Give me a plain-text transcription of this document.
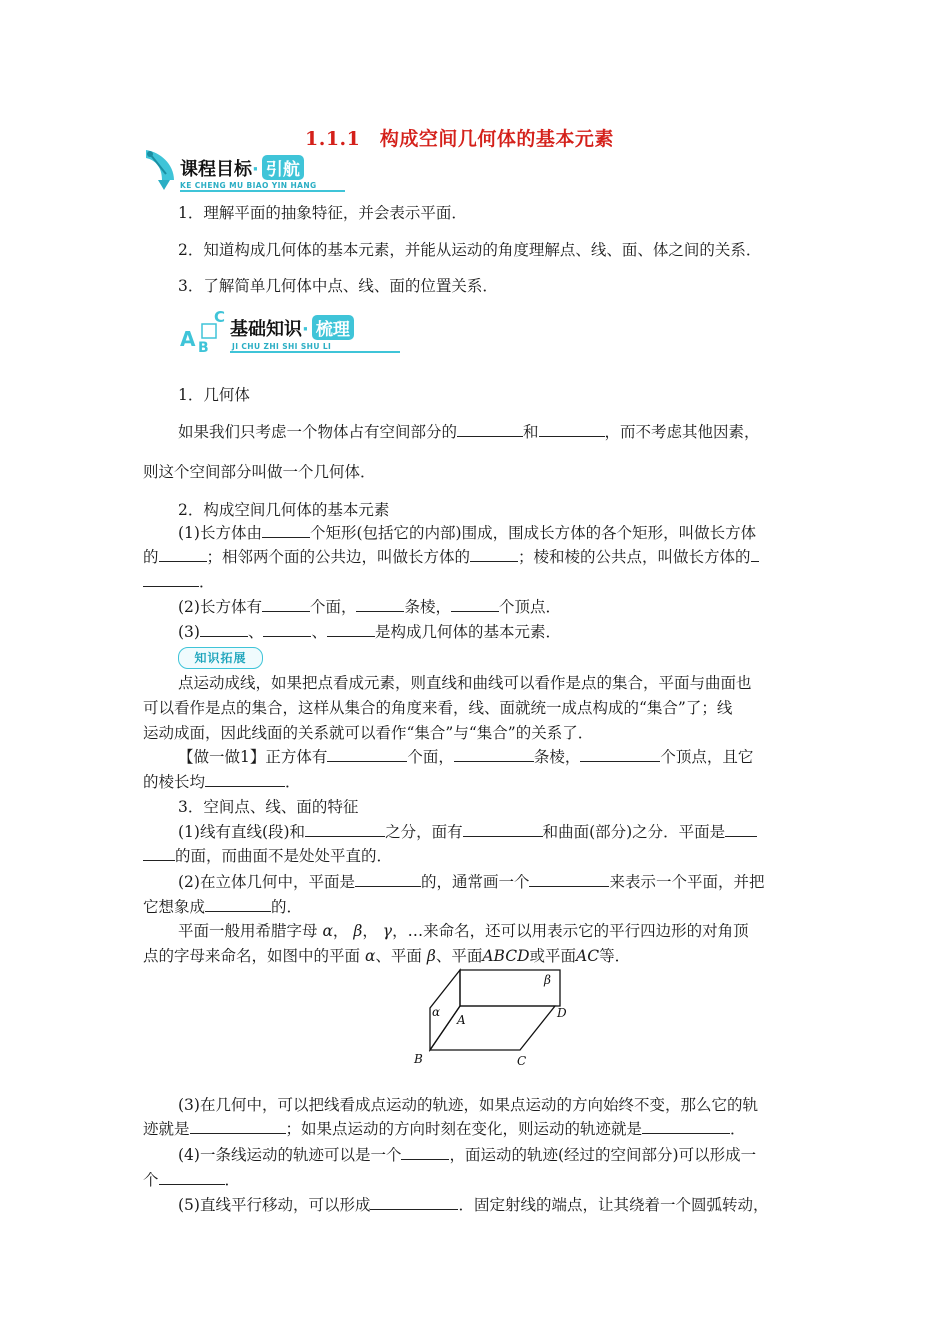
1.1.1　构成空间几何体的基本元素
课程目标· 引航
KE CHENG MU BIAO YIN HANG
1．理解平面的抽象特征，并会表示平面．
2．知道构成几何体的基本元素，并能从运动的角度理解点、线、面、体之间的关系．
3．了解简单几何体中点、线、面的位置关系．
C
A B
基础知识· 梳理
JI CHU ZHI SHI SHU LI
1．几何体
如果我们只考虑一个物体占有空间部分的	和	，而不考虑其他因素，
则这个空间部分叫做一个几何体．
2．构成空间几何体的基本元素
(1)长方体由	个矩形(包括它的内部)围成，围成长方体的各个矩形，叫做长方体
的	；相邻两个面的公共边，叫做长方体的	；棱和棱的公共点，叫做长方体的
．
(2)长方体有	个面，	条棱，	个顶点．
(3)	、	、	是构成几何体的基本元素．
知识拓展
点运动成线，如果把点看成元素，则直线和曲线可以看作是点的集合，平面与曲面也
可以看作是点的集合，这样从集合的角度来看，线、面就统一成点构成的“集合”了；线
运动成面，因此线面的关系就可以看作“集合”与“集合”的关系了．
【做一做1】正方体有	个面，	条棱，	个顶点，且它
的棱长均	．
3．空间点、线、面的特征
(1)线有直线(段)和	之分，面有	和曲面(部分)之分．平面是
的面，而曲面不是处处平直的．
(2)在立体几何中，平面是	的，通常画一个	来表示一个平面，并把
它想象成	的．
平面一般用希腊字母 α， β， γ，…来命名，还可以用表示它的平行四边形的对角顶
点的字母来命名，如图中的平面 α、平面 β、平面ABCD或平面AC等．
β
α
A	D
B	C
(3)在几何中，可以把线看成点运动的轨迹，如果点运动的方向始终不变，那么它的轨
迹就是	；如果点运动的方向时刻在变化，则运动的轨迹就是	．
(4)一条线运动的轨迹可以是一个	，面运动的轨迹(经过的空间部分)可以形成一
个	．
(5)直线平行移动，可以形成	．固定射线的端点，让其绕着一个圆弧转动，
